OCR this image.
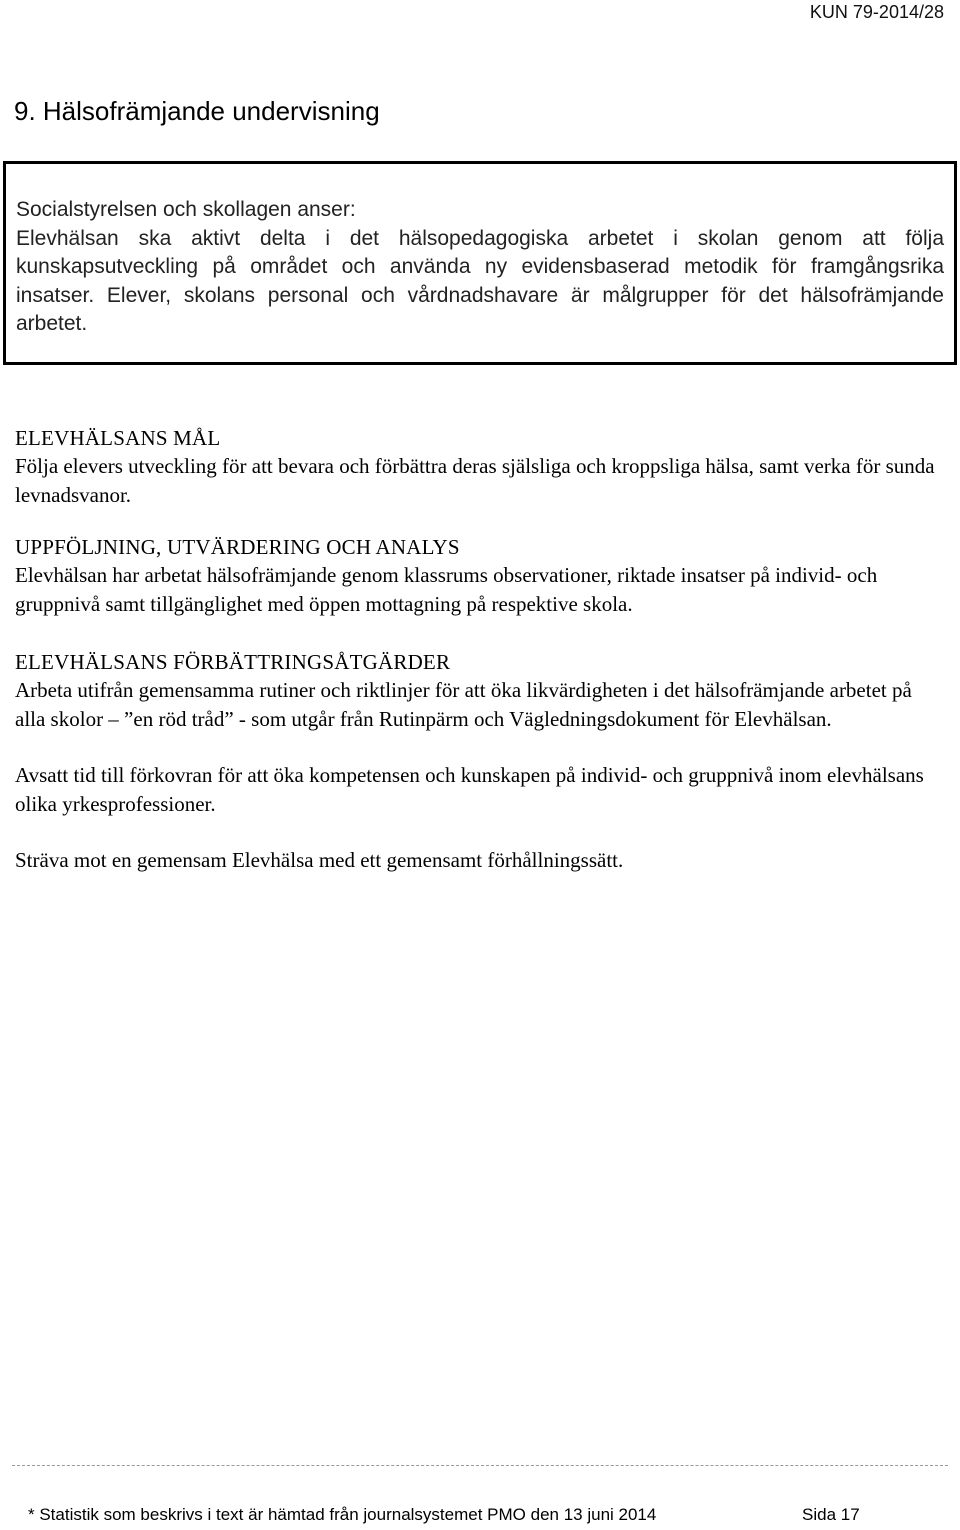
KUN 79-2014/28
9. Hälsofrämjande undervisning

Socialstyrelsen och skollagen anser:

Elevhälsan ska aktivt delta i det hälsopedagogiska arbetet i skolan genom att följa kunskapsutveckling på området och använda ny evidensbaserad metodik för framgångsrika insatser. Elever, skolans personal och vårdnadshavare är målgrupper för det hälsofrämjande arbetet.

ELEVHÄLSANS MÅL

Följa elevers utveckling för att bevara och förbättra deras själsliga och kroppsliga hälsa, samt verka för sunda levnadsvanor.

UPPFÖLJNING, UTVÄRDERING OCH ANALYS

Elevhälsan har arbetat hälsofrämjande genom klassrums observationer, riktade insatser på individ- och gruppnivå samt tillgänglighet med öppen mottagning på respektive skola.

ELEVHÄLSANS FÖRBÄTTRINGSÅTGÄRDER

Arbeta utifrån gemensamma rutiner och riktlinjer för att öka likvärdigheten i det hälsofrämjande arbetet på alla skolor – ”en röd tråd” - som utgår från Rutinpärm och Vägledningsdokument för Elevhälsan.

Avsatt tid till förkovran för att öka kompetensen och kunskapen på individ- och gruppnivå inom elevhälsans olika yrkesprofessioner.

Sträva mot en gemensam Elevhälsa med ett gemensamt förhållningssätt.

* Statistik som beskrivs i text är hämtad från journalsystemet PMO den 13 juni 2014	Sida 17
